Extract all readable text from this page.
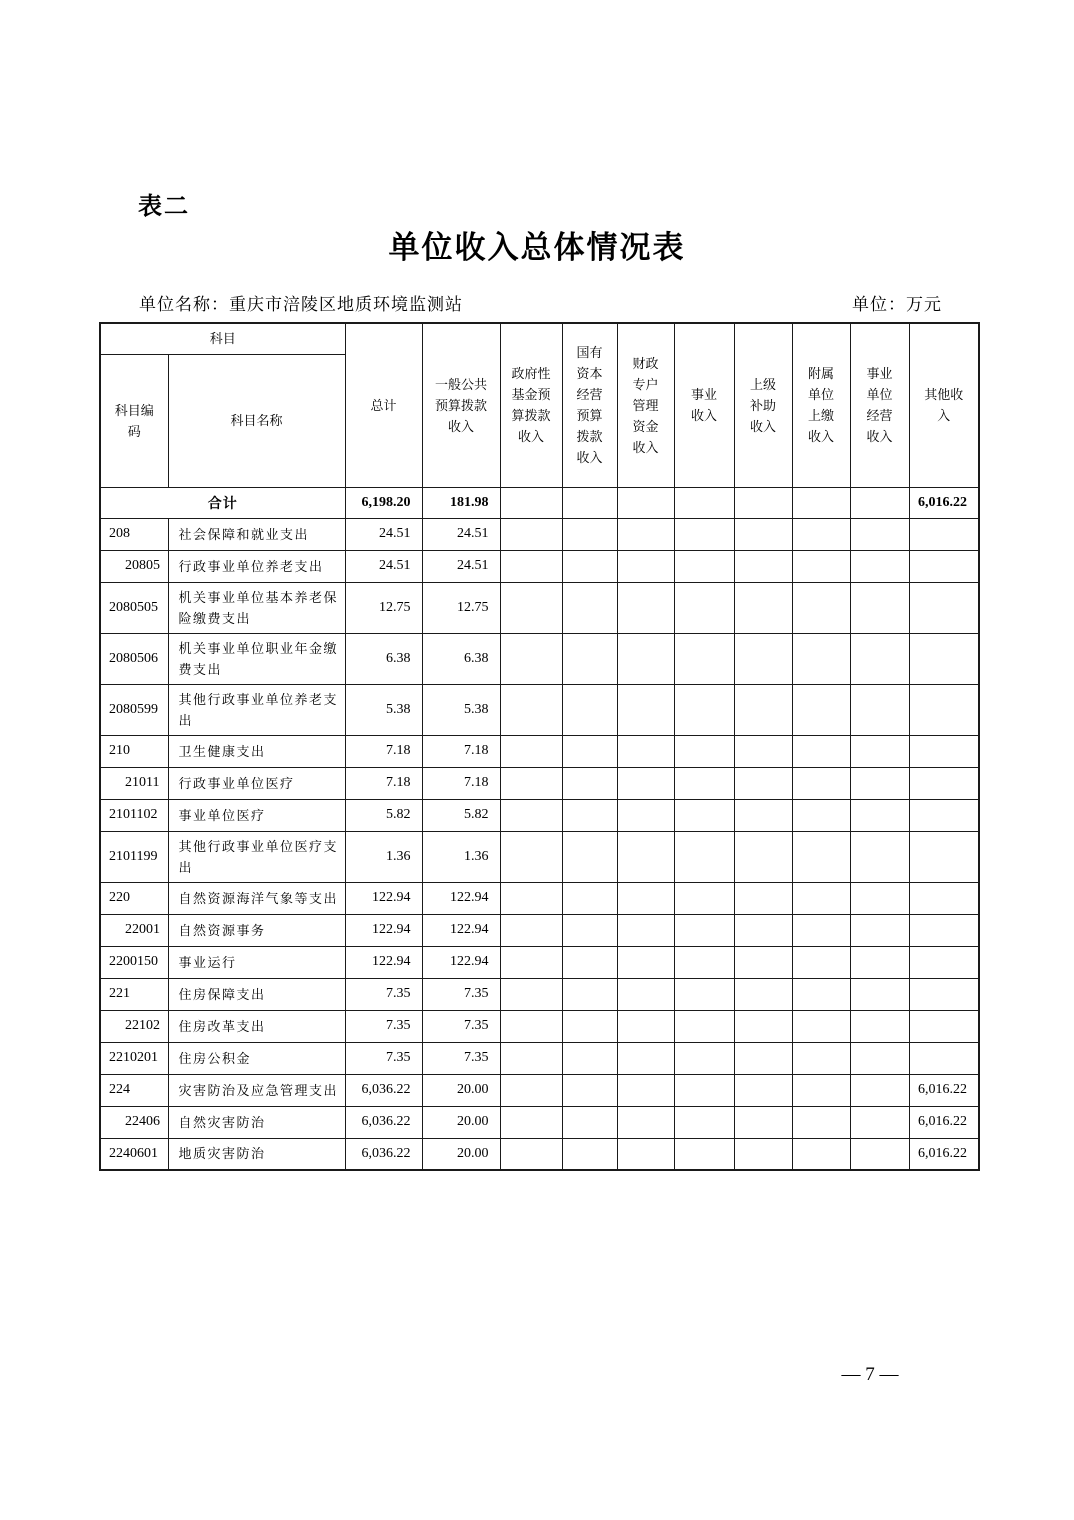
表二
单位收入总体情况表
单位名称：重庆市涪陵区地质环境监测站	单位：万元
科目		总计	一般公共预算拨款收入	政府性基金预算拨款收入	国有资本经营预算拨款收入	财政专户管理资金收入	事业收入	上级补助收入	附属单位上缴收入	事业单位经营收入	其他收入
科目编码	科目名称										
合计		6,198.20	181.98								6,016.22
208	社会保障和就业支出	24.51	24.51								
20805	行政事业单位养老支出	24.51	24.51								
2080505	机关事业单位基本养老保险缴费支出	12.75	12.75								
2080506	机关事业单位职业年金缴费支出	6.38	6.38								
2080599	其他行政事业单位养老支出	5.38	5.38								
210	卫生健康支出	7.18	7.18								
21011	行政事业单位医疗	7.18	7.18								
2101102	事业单位医疗	5.82	5.82								
2101199	其他行政事业单位医疗支出	1.36	1.36								
220	自然资源海洋气象等支出	122.94	122.94								
22001	自然资源事务	122.94	122.94								
2200150	事业运行	122.94	122.94								
221	住房保障支出	7.35	7.35								
22102	住房改革支出	7.35	7.35								
2210201	住房公积金	7.35	7.35								
224	灾害防治及应急管理支出	6,036.22	20.00								6,016.22
22406	自然灾害防治	6,036.22	20.00								6,016.22
2240601	地质灾害防治	6,036.22	20.00								6,016.22
— 7 —
